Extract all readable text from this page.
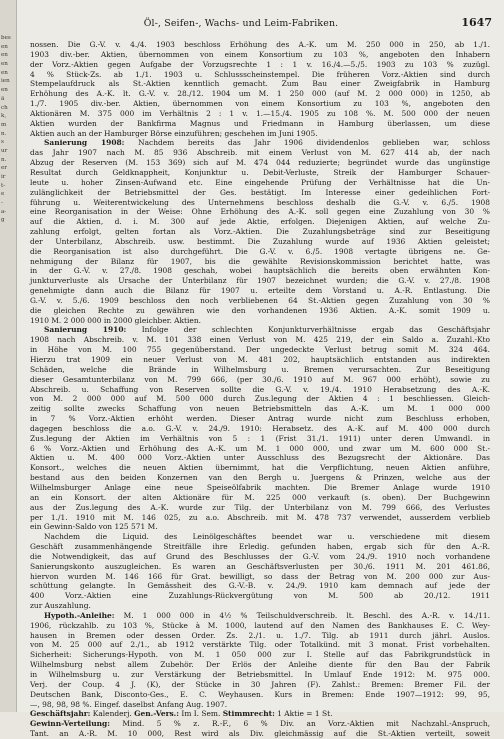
bes
en
en
en
en
ien
en
ä
ch
k,
m
n.
s
ur
n.
er
ir
t-
e
-
a-
g
Öl-, Seifen-, Wachs- und Leim-Fabriken.	1647
nossen. Die G.-V. v. 4./4. 1903 beschloss Erhöhung des A.-K. um M. 250 000 in 250, ab 1./1.
1903 div.-ber. Aktien, übernommen von einem Konsortium zu 103 %, angeboten den Inhabern
der Vorz.-Aktien gegen Aufgabe der Vorzugsrechte 1 : 1 v. 16./4.—5./5. 1903 zu 103 % zuzügl.
4 % Stück-Zs. ab 1./1. 1903 u. Schlussscheinstempel. Die früheren Vorz.-Aktien sind durch
Stempelaufdruck als St.-Aktien kenntlich gemacht. Zum Bau einer Zweigfabrik in Hamburg
Erhöhung des A.-K. lt. G.-V. v. 28./12. 1904 um M. 1 250 000 (auf M. 2 000 000) in 1250, ab
1./7. 1905 div.-ber. Aktien, übernommen von einem Konsortium zu 103 %, angeboten den
Aktionären M. 375 000 im Verhältnis 2 : 1 v. 1.—15./4. 1905 zu 108 %. M. 500 000 der neuen
Aktien wurden der Bankfirma Magnus und Friedmann in Hamburg überlassen, um diese
Aktien auch an der Hamburger Börse einzuführen; geschehen im Juni 1905.
Sanierung 1908: Nachdem bereits das Jahr 1906 dividendenlos geblieben war, schloss
das Jahr 1907 nach M. 85 936 Abschreib. mit einem Verlust von M. 627 414 ab, der nach
Abzug der Reserven (M. 153 369) sich auf M. 474 044 reduzierte; begründet wurde das ungünstige
Resultat durch Geldknappheit, Konjunktur u. Debit-Verluste, Streik der Hamburger Schauer-
leute u. hoher Zinsen-Aufwand etc. Eine eingehende Prüfung der Verhältnisse hat die Un-
zulänglichkeit der Betriebsmittel der Ges. bestätigt. Im Interesse einer gedeihlichen Fort-
führung u. Weiterentwickelung des Unternehmens beschloss deshalb die G.-V. v. 6./5. 1908
eine Reorganisation in der Weise: Ohne Erhöhung des A.-K. soll gegen eine Zuzahlung von 30 %
auf die Aktien, d. i. M. 300 auf jede Aktie, erfolgen. Diejenigen Aktien, auf welche Zu-
zahlung erfolgt, gelten fortan als Vorz.-Aktien. Die Zuzahlungsbeträge sind zur Beseitigung
der Unterbilanz, Abschreib. usw. bestimmt. Die Zuzahlung wurde auf 1936 Aktien geleistet;
die Reorganisation ist also durchgeführt. Die G.-V. v. 6./5. 1908 vertagte übrigens ne. Ge-
nehmigung der Bilanz für 1907, bis die gewählte Revisionskommission berichtet hatte, was
in der G.-V. v. 27./8. 1908 geschah, wobei hauptsächlich die bereits oben erwähnten Kon-
junkturverluste als Ursache der Unterbilanz für 1907 bezeichnet wurden; die G.-V. v. 27./8. 1908
genehmigte dann auch die Bilanz für 1907 u. erteilte dem Vorstand u. A.-R. Entlastung. Die
G.-V. v. 5./6. 1909 beschloss den noch verbliebenen 64 St.-Aktien gegen Zuzahlung von 30 %
die gleichen Rechte zu gewähren wie den vorhandenen 1936 Aktien. A.-K. somit 1909 u.
1910 M. 2 000 000 in 2000 gleichber. Aktien.
Sanierung 1910: Infolge der schlechten Konjunkturverhältnisse ergab das Geschäftsjahr
1908 nach Abschreib. v. M. 101 338 einen Verlust von M. 425 219, der ein Saldo a. Zuzahl.-Kto
in Höhe von M. 100 755 gegenüberstand. Der ungedeckte Verlust betrug somit M. 324 464.
Hierzu trat 1909 ein neuer Verlust von M. 481 202, hauptsächlich entstanden aus indirekten
Schäden, welche die Brände in Wilhelmsburg u. Bremen verursachten. Zur Beseitigung
dieser Gesamtunterbilanz von M. 799 666, (per 30./6. 1910 auf M. 967 000 erhöht), sowie zu
Abschreib. u. Schaffung von Reserven sollte die G.-V. v. 19./4. 1910 Herabsetzung des A.-K.
von M. 2 000 000 auf M. 500 000 durch Zus.legung der Aktien 4 : 1 beschliessen. Gleich-
zeitig sollte zwecks Schaffung von neuen Betriebsmitteln das A.-K. um M. 1 000 000
in 7 % Vorz.-Aktien erhöht werden. Dieser Antrag wurde nicht zum Beschluss erhoben,
dagegen beschloss die a.o. G.-V. v. 24./9. 1910: Herabsetz. des A.-K. auf M. 400 000 durch
Zus.legung der Aktien im Verhältnis von 5 : 1 (Frist 31./1. 1911) unter deren Umwandl. in
6 % Vorz.-Aktien und Erhöhung des A.-K. um M. 1 000 000, und zwar um M. 600 000 St.-
Aktien u. M. 400 000 Vorz.-Aktien unter Ausschluss des Bezugsrecht der Aktionäre. Das
Konsort., welches die neuen Aktien übernimmt, hat die Verpflichtung, neuen Aktien anführe,
bestand aus den beiden Konzernen van den Bergh u. Juergens & Prinzen, welche aus der
Wilhelmsburger Anlage eine neue Speiseölfabrik machten. Die Bremer Anlage wurde 1910
an ein Konsort. der alten Aktionäre für M. 225 000 verkauft (s. oben). Der Buchgewinn
aus der Zus.legung des A.-K. wurde zur Tilg. der Unterbilanz von M. 799 666, des Verlustes
per 1./1. 1910 mit M. 146 025, zu a.o. Abschreib. mit M. 478 737 verwendet, ausserdem verblieb
ein Gewinn-Saldo von 125 571 M.
Nachdem die Liquid. des Leinölgeschäftes beendet war u. verschiedene mit diesem
Geschäft zusammenhängende Streitfälle ihre Erledig. gefunden haben, ergab sich für den A.-R.
die Notwendigkeit, das auf Grund des Beschlusses der G.-V. vom 24./9. 1910 noch vorhandene
Sanierungskonto auszugleichen. Es waren an Geschäftsverlusten per 30./6. 1911 M. 201 461.86,
hiervon wurden M. 146 166 für Grat. bewilligt, so dass der Betrag von M. 200 000 zur Aus-
schüttung gelangte. In Gemässheit des G.-V.-B. v. 24./9. 1910 kam demnach auf jede der
400 Vorz.-Aktien eine Zuzahlungs-Rückvergütung von M. 500 ab 20./12. 1911
zur Auszahlung.
Hypoth.-Anleihe: M. 1 000 000 in 4½ % Teilschuldverschreib. lt. Beschl. des A.-R. v. 14./11.
1906, rückzahlb. zu 103 %, Stücke à M. 1000, lautend auf den Namen des Bankhauses E. C. Wey-
hausen in Bremen oder dessen Order. Zs. 2./1. u. 1./7. Tilg. ab 1911 durch jährl. Auslos.
von M. 25 000 auf 2./1., ab 1912 verstärkte Tilg. oder Totalkünd. mit 3 monat. Frist vorbehalten.
Sicherheit: Sicherungs-Hypoth. von M. 1 050 000 zur I. Stelle auf das Fabrikgrundstück in
Wilhelmsburg nebst allem Zubehör. Der Erlös der Anleihe diente für den Bau der Fabrik
in Wilhelmsburg u. zur Verstärkung der Betriebsmittel. In Umlauf Ende 1912: M. 975 000.
Verj. der Coup. 4 J. (K), der Stücke in 30 Jahren (F). Zahlst.: Bremen: Bremer Fil. der
Deutschen Bank, Disconto-Ges., E. C. Weyhausen. Kurs in Bremen: Ende 1907—1912: 99, 95,
—, 98, 98, 98 %. Eingef. daselbst Anfang Aug. 1907.
Geschäftsjahr: Kalenderj. Gen.-Vers.: Im I. Sem. Stimmrecht: 1 Aktie = 1 St.
Gewinn-Verteilung: Mind. 5 % z. R.-F., 6 % Div. an Vorz.-Aktien mit Nachzahl.-Anspruch,
Tant. an A.-R. M. 10 000, Rest wird als Div. gleichmässig auf die St.-Aktien verteilt, soweit
